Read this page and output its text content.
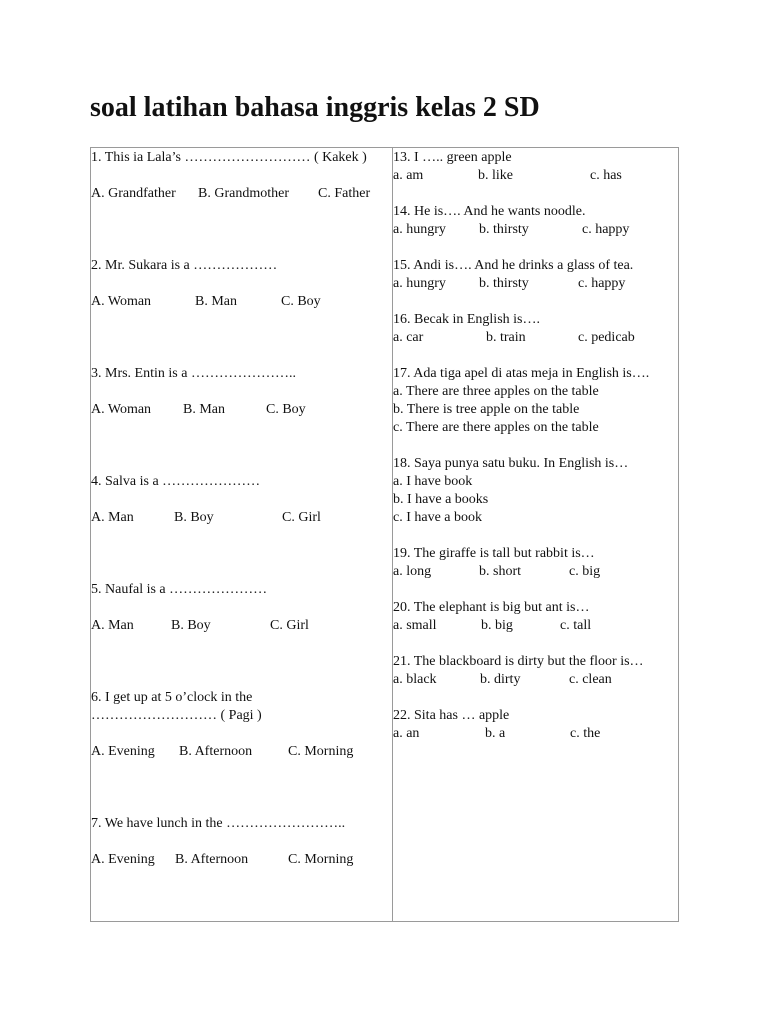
soal latihan bahasa inggris kelas 2 SD
1. This ia Lala’s ……………………… ( Kakek )
A. Grandfather B. Grandmother C. Father
2. Mr. Sukara is a ………………
A. Woman	B. Man	C. Boy
3. Mrs. Entin is a …………………..
A. Woman B. Man	C. Boy
4. Salva is a …………………
A. Man	B. Boy	C. Girl
5. Naufal is a …………………
A. Man	B. Boy	C. Girl
6. I get up at 5 o’clock in the
……………………… ( Pagi )
A. Evening B. Afternoon	C. Morning
7. We have lunch in the ……………………..
A. Evening B. Afternoon	C. Morning
13. I ….. green apple
a. am	b. like	c. has
14. He is…. And he wants noodle.
a. hungry b. thirsty	c. happy
15. Andi is…. And he drinks a glass of tea.
a. hungry b. thirsty	c. happy
16. Becak in English is….
a. car	b. train	c. pedicab
17. Ada tiga apel di atas meja in English is….
a. There are three apples on the table
b. There is tree apple on the table
c. There are there apples on the table
18. Saya punya satu buku. In English is…
a. I have book
b. I have a books
c. I have a book
19. The giraffe is tall but rabbit is…
a. long	b. short	c. big
20. The elephant is big but ant is…
a. small	b. big	c. tall
21. The blackboard is dirty but the floor is…
a. black	b. dirty	c. clean
22. Sita has … apple
a. an	b. a	c. the
